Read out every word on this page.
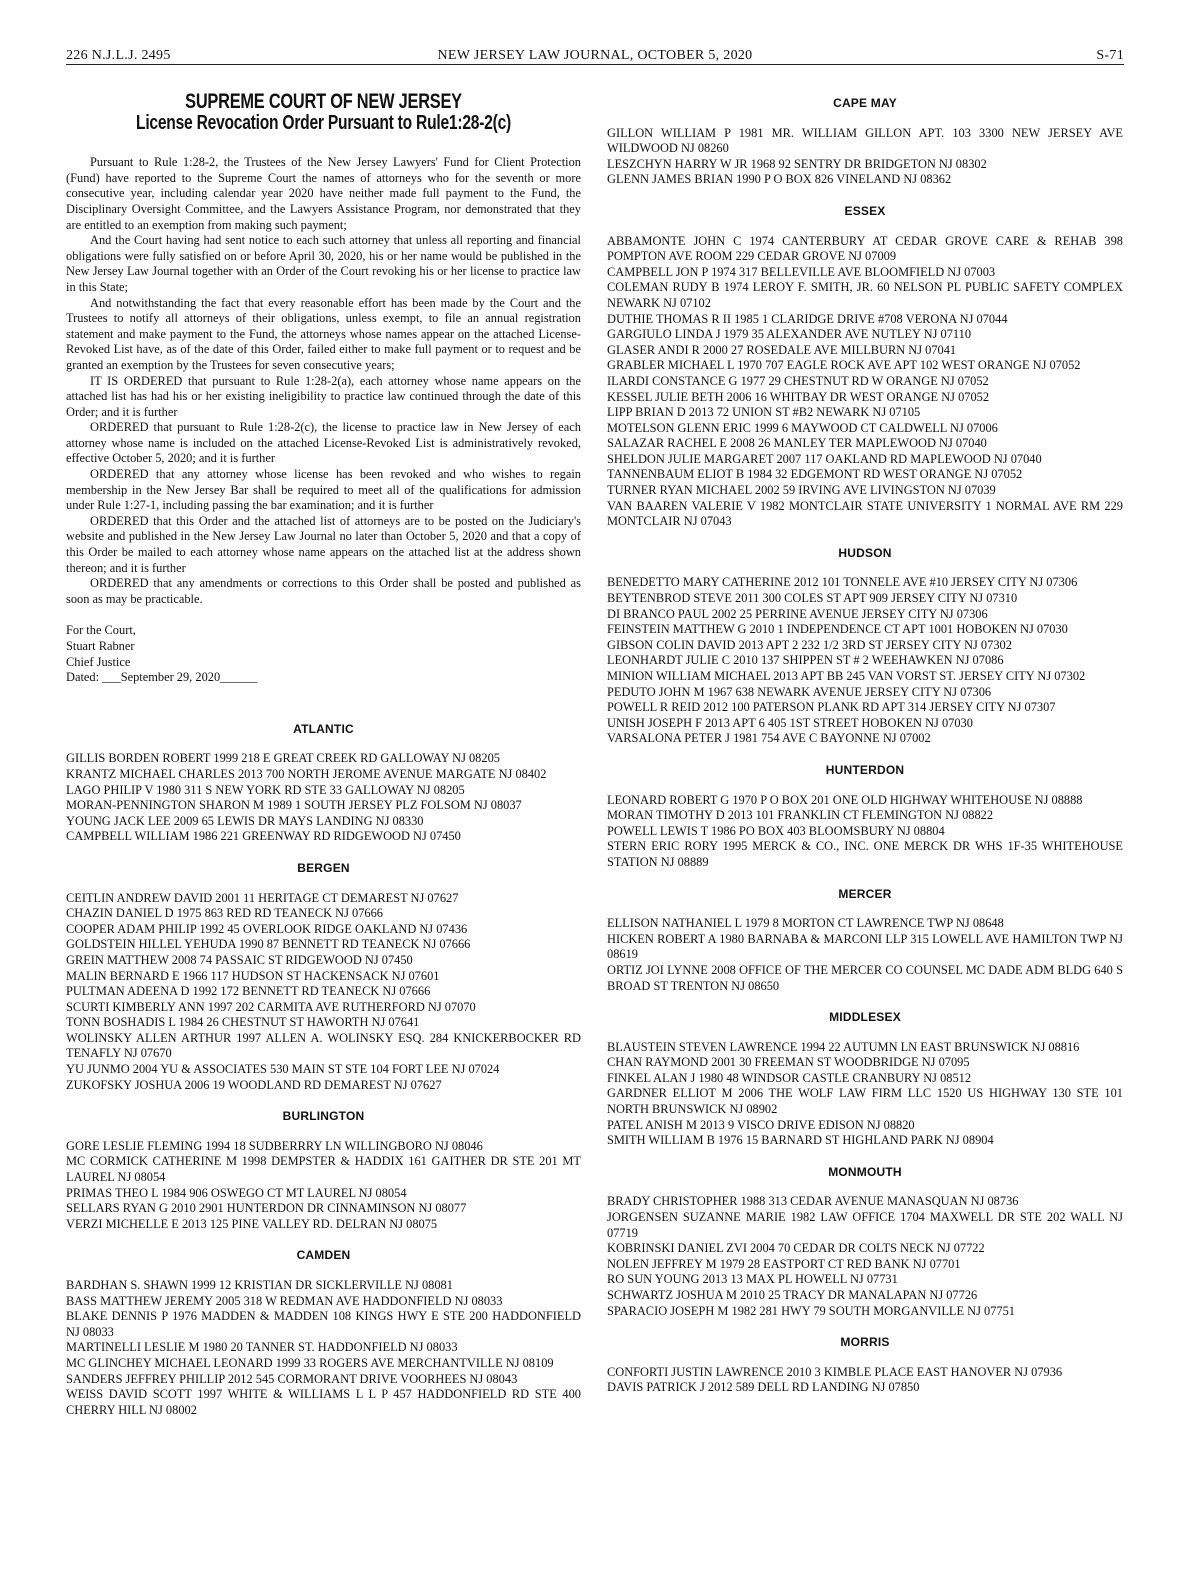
226 N.J.L.J. 2495	NEW JERSEY LAW JOURNAL, OCTOBER 5, 2020	S-71
SUPREME COURT OF NEW JERSEY
License Revocation Order Pursuant to Rule1:28-2(c)

Pursuant to Rule 1:28-2, the Trustees of the New Jersey Lawyers' Fund for Client Protection (Fund) have reported to the Supreme Court the names of attorneys who for the seventh or more consecutive year, including calendar year 2020 have neither made full payment to the Fund, the Disciplinary Oversight Committee, and the Lawyers Assistance Program, nor demonstrated that they are entitled to an exemption from making such payment;

And the Court having had sent notice to each such attorney that unless all reporting and financial obligations were fully satisfied on or before April 30, 2020, his or her name would be published in the New Jersey Law Journal together with an Order of the Court revoking his or her license to practice law in this State;

And notwithstanding the fact that every reasonable effort has been made by the Court and the Trustees to notify all attorneys of their obligations, unless exempt, to file an annual registration statement and make payment to the Fund, the attorneys whose names appear on the attached License-Revoked List have, as of the date of this Order, failed either to make full payment or to request and be granted an exemption by the Trustees for seven consecutive years;

IT IS ORDERED that pursuant to Rule 1:28-2(a), each attorney whose name appears on the attached list has had his or her existing ineligibility to practice law continued through the date of this Order; and it is further

ORDERED that pursuant to Rule 1:28-2(c), the license to practice law in New Jersey of each attorney whose name is included on the attached License-Revoked List is administratively revoked, effective October 5, 2020; and it is further

ORDERED that any attorney whose license has been revoked and who wishes to regain membership in the New Jersey Bar shall be required to meet all of the qualifications for admission under Rule 1:27-1, including passing the bar examination; and it is further

ORDERED that this Order and the attached list of attorneys are to be posted on the Judiciary's website and published in the New Jersey Law Journal no later than October 5, 2020 and that a copy of this Order be mailed to each attorney whose name appears on the attached list at the address shown thereon; and it is further

ORDERED that any amendments or corrections to this Order shall be posted and published as soon as may be practicable.

For the Court,
Stuart Rabner
Chief Justice
Dated: ___September 29, 2020______
ATLANTIC

GILLIS BORDEN ROBERT 1999 218 E GREAT CREEK RD GALLOWAY NJ 08205

KRANTZ MICHAEL CHARLES 2013 700 NORTH JEROME AVENUE MARGATE NJ 08402

LAGO PHILIP V 1980 311 S NEW YORK RD STE 33 GALLOWAY NJ 08205

MORAN-PENNINGTON SHARON M 1989 1 SOUTH JERSEY PLZ FOLSOM NJ 08037

YOUNG JACK LEE 2009 65 LEWIS DR MAYS LANDING NJ 08330

CAMPBELL WILLIAM 1986 221 GREENWAY RD RIDGEWOOD NJ 07450

BERGEN

CEITLIN ANDREW DAVID 2001 11 HERITAGE CT DEMAREST NJ 07627

CHAZIN DANIEL D 1975 863 RED RD TEANECK NJ 07666

COOPER ADAM PHILIP 1992 45 OVERLOOK RIDGE OAKLAND NJ 07436

GOLDSTEIN HILLEL YEHUDA 1990 87 BENNETT RD TEANECK NJ 07666

GREIN MATTHEW 2008 74 PASSAIC ST RIDGEWOOD NJ 07450

MALIN BERNARD E 1966 117 HUDSON ST HACKENSACK NJ 07601

PULTMAN ADEENA D 1992 172 BENNETT RD TEANECK NJ 07666

SCURTI KIMBERLY ANN 1997 202 CARMITA AVE RUTHERFORD NJ 07070

TONN BOSHADIS L 1984 26 CHESTNUT ST HAWORTH NJ 07641

WOLINSKY ALLEN ARTHUR 1997 ALLEN A. WOLINSKY ESQ. 284 KNICKERBOCKER RD TENAFLY NJ 07670

YU JUNMO 2004 YU & ASSOCIATES 530 MAIN ST STE 104 FORT LEE NJ 07024

ZUKOFSKY JOSHUA 2006 19 WOODLAND RD DEMAREST NJ 07627

BURLINGTON

GORE LESLIE FLEMING 1994 18 SUDBERRRY LN WILLINGBORO NJ 08046

MC CORMICK CATHERINE M 1998 DEMPSTER & HADDIX 161 GAITHER DR STE 201 MT LAUREL NJ 08054

PRIMAS THEO L 1984 906 OSWEGO CT MT LAUREL NJ 08054

SELLARS RYAN G 2010 2901 HUNTERDON DR CINNAMINSON NJ 08077

VERZI MICHELLE E 2013 125 PINE VALLEY RD. DELRAN NJ 08075

CAMDEN

BARDHAN S. SHAWN 1999 12 KRISTIAN DR SICKLERVILLE NJ 08081

BASS MATTHEW JEREMY 2005 318 W REDMAN AVE HADDONFIELD NJ 08033

BLAKE DENNIS P 1976 MADDEN & MADDEN 108 KINGS HWY E STE 200 HADDONFIELD NJ 08033

MARTINELLI LESLIE M 1980 20 TANNER ST. HADDONFIELD NJ 08033

MC GLINCHEY MICHAEL LEONARD 1999 33 ROGERS AVE MERCHANTVILLE NJ 08109

SANDERS JEFFREY PHILLIP 2012 545 CORMORANT DRIVE VOORHEES NJ 08043

WEISS DAVID SCOTT 1997 WHITE & WILLIAMS L L P 457 HADDONFIELD RD STE 400 CHERRY HILL NJ 08002

CAPE MAY

GILLON WILLIAM P 1981 MR. WILLIAM GILLON APT. 103 3300 NEW JERSEY AVE WILDWOOD NJ 08260

LESZCHYN HARRY W JR 1968 92 SENTRY DR BRIDGETON NJ 08302

GLENN JAMES BRIAN 1990 P O BOX 826 VINELAND NJ 08362

ESSEX

ABBAMONTE JOHN C 1974 CANTERBURY AT CEDAR GROVE CARE & REHAB 398 POMPTON AVE ROOM 229 CEDAR GROVE NJ 07009

CAMPBELL JON P 1974 317 BELLEVILLE AVE BLOOMFIELD NJ 07003

COLEMAN RUDY B 1974 LEROY F. SMITH, JR. 60 NELSON PL PUBLIC SAFETY COMPLEX NEWARK NJ 07102

DUTHIE THOMAS R II 1985 1 CLARIDGE DRIVE #708 VERONA NJ 07044

GARGIULO LINDA J 1979 35 ALEXANDER AVE NUTLEY NJ 07110

GLASER ANDI R 2000 27 ROSEDALE AVE MILLBURN NJ 07041

GRABLER MICHAEL L 1970 707 EAGLE ROCK AVE APT 102 WEST ORANGE NJ 07052

ILARDI CONSTANCE G 1977 29 CHESTNUT RD W ORANGE NJ 07052

KESSEL JULIE BETH 2006 16 WHITBAY DR WEST ORANGE NJ 07052

LIPP BRIAN D 2013 72 UNION ST #B2 NEWARK NJ 07105

MOTELSON GLENN ERIC 1999 6 MAYWOOD CT CALDWELL NJ 07006

SALAZAR RACHEL E 2008 26 MANLEY TER MAPLEWOOD NJ 07040

SHELDON JULIE MARGARET 2007 117 OAKLAND RD MAPLEWOOD NJ 07040

TANNENBAUM ELIOT B 1984 32 EDGEMONT RD WEST ORANGE NJ 07052

TURNER RYAN MICHAEL 2002 59 IRVING AVE LIVINGSTON NJ 07039

VAN BAAREN VALERIE V 1982 MONTCLAIR STATE UNIVERSITY 1 NORMAL AVE RM 229 MONTCLAIR NJ 07043

HUDSON

BENEDETTO MARY CATHERINE 2012 101 TONNELE AVE #10 JERSEY CITY NJ 07306

BEYTENBROD STEVE 2011 300 COLES ST APT 909 JERSEY CITY NJ 07310

DI BRANCO PAUL 2002 25 PERRINE AVENUE JERSEY CITY NJ 07306

FEINSTEIN MATTHEW G 2010 1 INDEPENDENCE CT APT 1001 HOBOKEN NJ 07030

GIBSON COLIN DAVID 2013 APT 2 232 1/2 3RD ST JERSEY CITY NJ 07302

LEONHARDT JULIE C 2010 137 SHIPPEN ST # 2 WEEHAWKEN NJ 07086

MINION WILLIAM MICHAEL 2013 APT BB 245 VAN VORST ST. JERSEY CITY NJ 07302

PEDUTO JOHN M 1967 638 NEWARK AVENUE JERSEY CITY NJ 07306

POWELL R REID 2012 100 PATERSON PLANK RD APT 314 JERSEY CITY NJ 07307

UNISH JOSEPH F 2013 APT 6 405 1ST STREET HOBOKEN NJ 07030

VARSALONA PETER J 1981 754 AVE C BAYONNE NJ 07002

HUNTERDON

LEONARD ROBERT G 1970 P O BOX 201 ONE OLD HIGHWAY WHITEHOUSE NJ 08888

MORAN TIMOTHY D 2013 101 FRANKLIN CT FLEMINGTON NJ 08822

POWELL LEWIS T 1986 PO BOX 403 BLOOMSBURY NJ 08804

STERN ERIC RORY 1995 MERCK & CO., INC. ONE MERCK DR WHS 1F-35 WHITEHOUSE STATION NJ 08889

MERCER

ELLISON NATHANIEL L 1979 8 MORTON CT LAWRENCE TWP NJ 08648

HICKEN ROBERT A 1980 BARNABA & MARCONI LLP 315 LOWELL AVE HAMILTON TWP NJ 08619

ORTIZ JOI LYNNE 2008 OFFICE OF THE MERCER CO COUNSEL MC DADE ADM BLDG 640 S BROAD ST TRENTON NJ 08650

MIDDLESEX

BLAUSTEIN STEVEN LAWRENCE 1994 22 AUTUMN LN EAST BRUNSWICK NJ 08816

CHAN RAYMOND 2001 30 FREEMAN ST WOODBRIDGE NJ 07095

FINKEL ALAN J 1980 48 WINDSOR CASTLE CRANBURY NJ 08512

GARDNER ELLIOT M 2006 THE WOLF LAW FIRM LLC 1520 US HIGHWAY 130 STE 101 NORTH BRUNSWICK NJ 08902

PATEL ANISH M 2013 9 VISCO DRIVE EDISON NJ 08820

SMITH WILLIAM B 1976 15 BARNARD ST HIGHLAND PARK NJ 08904

MONMOUTH

BRADY CHRISTOPHER 1988 313 CEDAR AVENUE MANASQUAN NJ 08736

JORGENSEN SUZANNE MARIE 1982 LAW OFFICE 1704 MAXWELL DR STE 202 WALL NJ 07719

KOBRINSKI DANIEL ZVI 2004 70 CEDAR DR COLTS NECK NJ 07722

NOLEN JEFFREY M 1979 28 EASTPORT CT RED BANK NJ 07701

RO SUN YOUNG 2013 13 MAX PL HOWELL NJ 07731

SCHWARTZ JOSHUA M 2010 25 TRACY DR MANALAPAN NJ 07726

SPARACIO JOSEPH M 1982 281 HWY 79 SOUTH MORGANVILLE NJ 07751

MORRIS

CONFORTI JUSTIN LAWRENCE 2010 3 KIMBLE PLACE EAST HANOVER NJ 07936

DAVIS PATRICK J 2012 589 DELL RD LANDING NJ 07850
